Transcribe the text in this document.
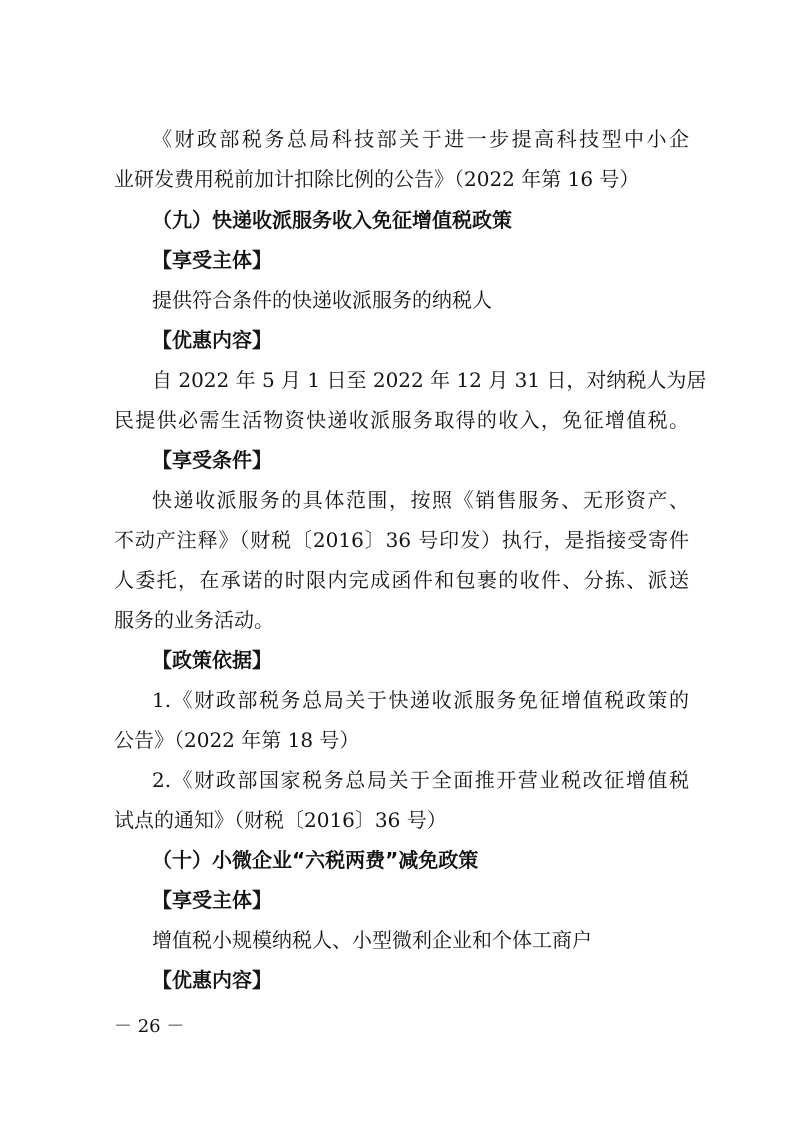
《财政部税务总局科技部关于进一步提高科技型中小企

业研发费用税前加计扣除比例的公告》（2022 年第 16 号）

（九）快递收派服务收入免征增值税政策

【享受主体】

提供符合条件的快递收派服务的纳税人

【优惠内容】

自 2022 年 5 月 1 日至 2022 年 12 月 31 日，对纳税人为居

民提供必需生活物资快递收派服务取得的收入，免征增值税。

【享受条件】

快递收派服务的具体范围，按照《销售服务、无形资产、

不动产注释》（财税〔2016〕36 号印发）执行，是指接受寄件

人委托，在承诺的时限内完成函件和包裹的收件、分拣、派送

服务的业务活动。

【政策依据】

1.《财政部税务总局关于快递收派服务免征增值税政策的

公告》（2022 年第 18 号）

2.《财政部国家税务总局关于全面推开营业税改征增值税

试点的通知》（财税〔2016〕36 号）

（十）小微企业“六税两费”减免政策

【享受主体】

增值税小规模纳税人、小型微利企业和个体工商户

【优惠内容】

－ 26 －
